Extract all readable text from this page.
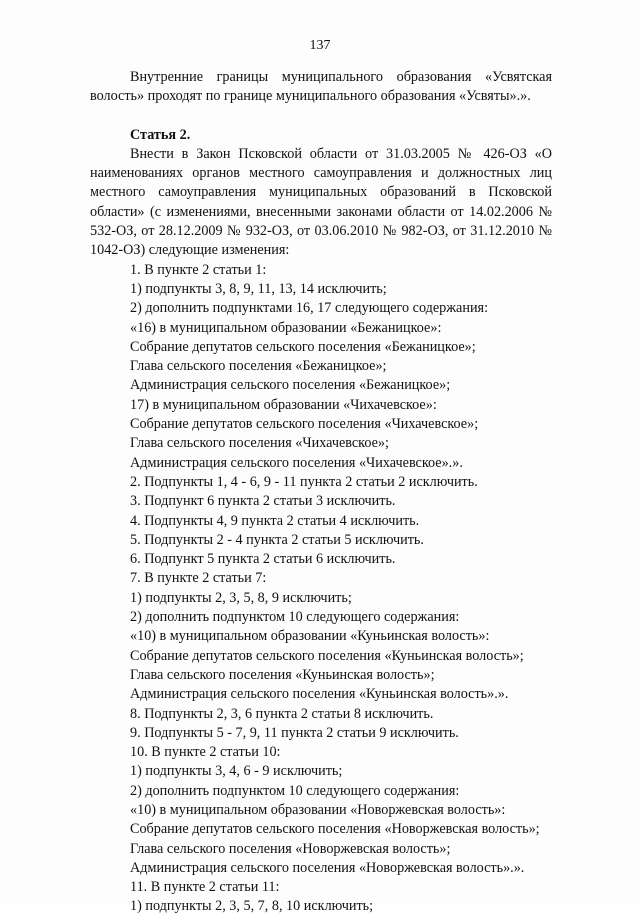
137

Внутренние границы муниципального образования «Усвятская волость» проходят по границе муниципального образования «Усвяты».».

Статья 2.

Внести в Закон Псковской области от 31.03.2005 № 426-ОЗ «О наименованиях органов местного самоуправления и должностных лиц местного самоуправления муниципальных образований в Псковской области» (с изменениями, внесенными законами области от 14.02.2006 № 532-ОЗ, от 28.12.2009 № 932-ОЗ, от 03.06.2010 № 982-ОЗ, от 31.12.2010 № 1042-ОЗ) следующие изменения:

1. В пункте 2 статьи 1:

1) подпункты 3, 8, 9, 11, 13, 14 исключить;

2) дополнить подпунктами 16, 17 следующего содержания:

«16) в муниципальном образовании «Бежаницкое»:

Собрание депутатов сельского поселения «Бежаницкое»;

Глава сельского поселения «Бежаницкое»;

Администрация сельского поселения «Бежаницкое»;

17) в муниципальном образовании «Чихачевское»:

Собрание депутатов сельского поселения «Чихачевское»;

Глава сельского поселения «Чихачевское»;

Администрация сельского поселения «Чихачевское».».

2. Подпункты 1, 4 - 6, 9 - 11 пункта 2 статьи 2 исключить.

3. Подпункт 6 пункта 2 статьи 3 исключить.

4. Подпункты 4, 9 пункта 2 статьи 4 исключить.

5. Подпункты 2 - 4 пункта 2 статьи 5 исключить.

6. Подпункт 5 пункта 2 статьи 6 исключить.

7. В пункте 2 статьи 7:

1) подпункты 2, 3, 5, 8, 9 исключить;

2) дополнить подпунктом 10 следующего содержания:

«10) в муниципальном образовании «Куньинская волость»:

Собрание депутатов сельского поселения «Куньинская волость»;

Глава сельского поселения «Куньинская волость»;

Администрация сельского поселения «Куньинская волость».».

8. Подпункты 2, 3, 6 пункта 2 статьи 8 исключить.

9. Подпункты 5 - 7, 9, 11 пункта 2 статьи 9 исключить.

10. В пункте 2 статьи 10:

1) подпункты 3, 4, 6 - 9 исключить;

2) дополнить подпунктом 10 следующего содержания:

«10) в муниципальном образовании «Новоржевская волость»:

Собрание депутатов сельского поселения «Новоржевская волость»;

Глава сельского поселения «Новоржевская волость»;

Администрация сельского поселения «Новоржевская волость».».

11. В пункте 2 статьи 11:

1) подпункты 2, 3, 5, 7, 8, 10 исключить;
